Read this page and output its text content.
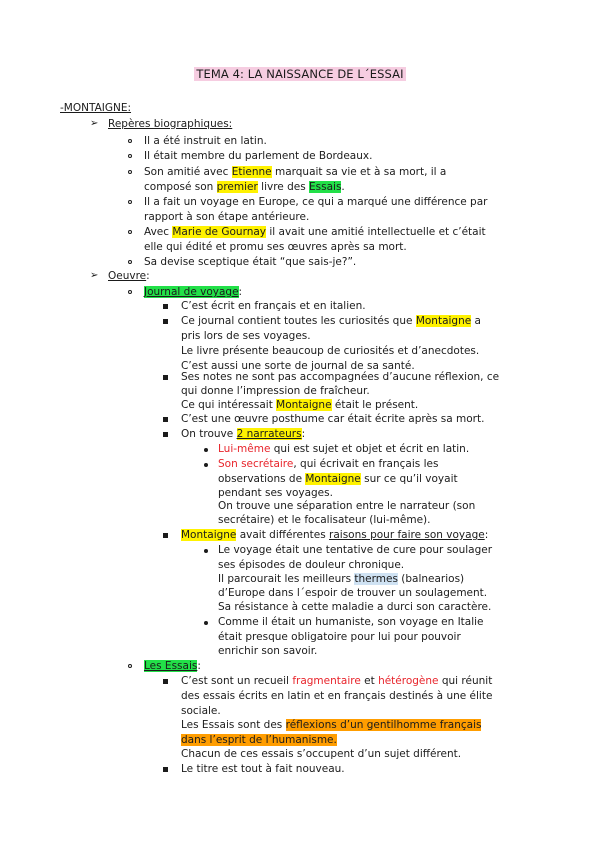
TEMA 4: LA NAISSANCE DE L´ESSAI
-MONTAIGNE:
➢ Repères biographiques:
Il a été instruit en latin.
Il était membre du parlement de Bordeaux.
Son amitié avec Etienne marquait sa vie et à sa mort, il a
composé son premier livre des Essais.
Il a fait un voyage en Europe, ce qui a marqué une différence par
rapport à son étape antérieure.
Avec Marie de Gournay il avait une amitié intellectuelle et c’était
elle qui édité et promu ses œuvres après sa mort.
Sa devise sceptique était “que sais-je?”.
➢ Oeuvre:
Journal de voyage:
C’est écrit en français et en italien.
Ce journal contient toutes les curiosités que Montaigne a
pris lors de ses voyages.
Le livre présente beaucoup de curiosités et d’anecdotes.
C’est aussi une sorte de journal de sa santé.
Ses notes ne sont pas accompagnées d’aucune réflexion, ce
qui donne l’impression de fraîcheur.
Ce qui intéressait Montaigne était le présent.
C’est une œuvre posthume car était écrite après sa mort.
On trouve 2 narrateurs:
Lui-même qui est sujet et objet et écrit en latin.
Son secrétaire, qui écrivait en français les
observations de Montaigne sur ce qu’il voyait
pendant ses voyages.
On trouve une séparation entre le narrateur (son
secrétaire) et le focalisateur (lui-même).
Montaigne avait différentes raisons pour faire son voyage:
Le voyage était une tentative de cure pour soulager
ses épisodes de douleur chronique.
Il parcourait les meilleurs thermes (balnearios)
d’Europe dans l´espoir de trouver un soulagement.
Sa résistance à cette maladie a durci son caractère.
Comme il était un humaniste, son voyage en Italie
était presque obligatoire pour lui pour pouvoir
enrichir son savoir.
Les Essais:
C’est sont un recueil fragmentaire et hétérogène qui réunit
des essais écrits en latin et en français destinés à une élite
sociale.
Les Essais sont des réflexions d’un gentilhomme français
dans l’esprit de l’humanisme.
Chacun de ces essais s’occupent d’un sujet différent.
Le titre est tout à fait nouveau.
